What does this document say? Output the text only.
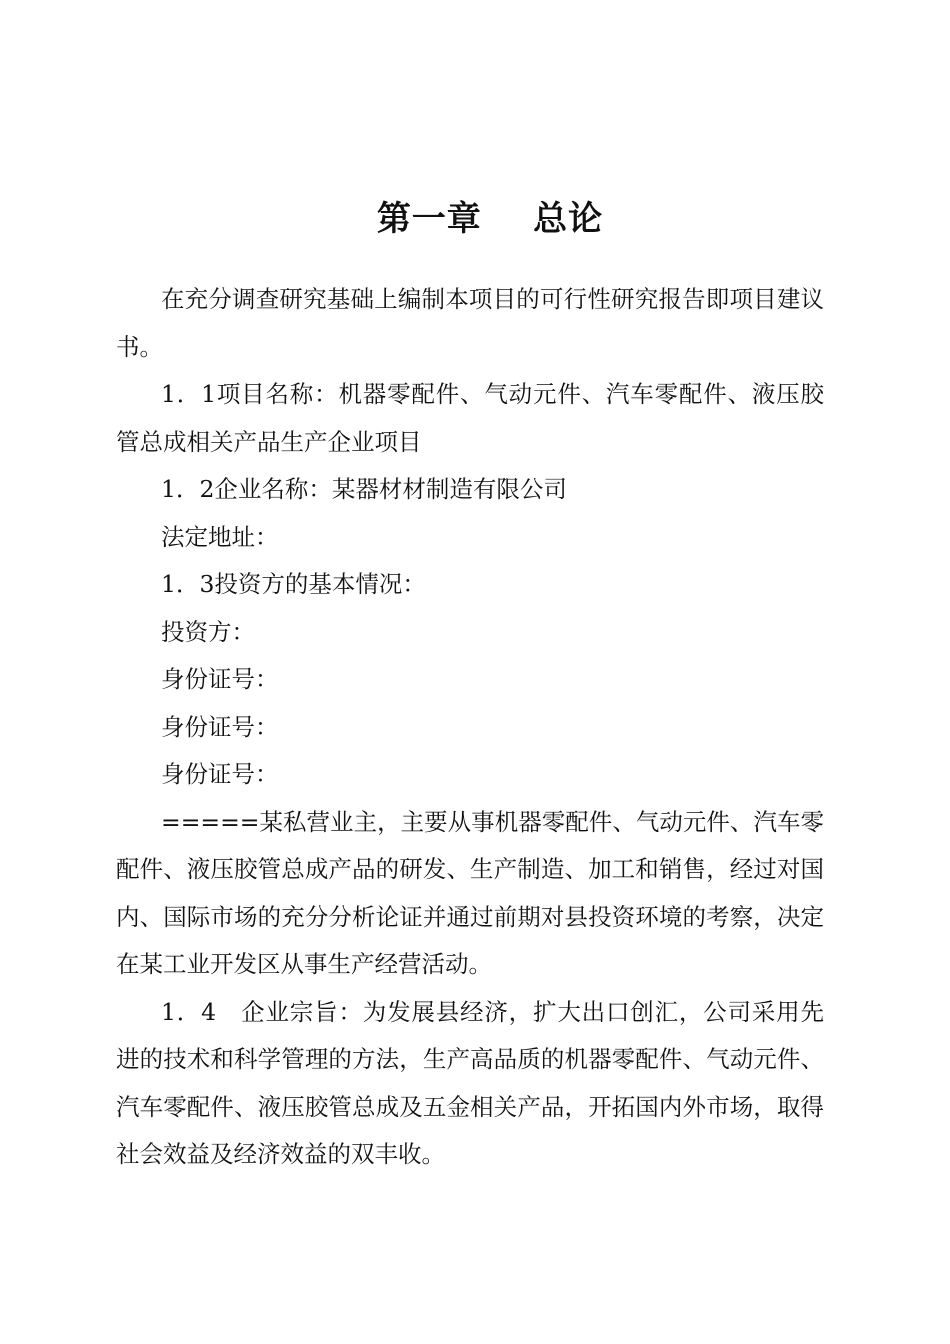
第一章    总论

在充分调查研究基础上编制本项目的可行性研究报告即项目建议书。

1．1项目名称：机器零配件、气动元件、汽车零配件、液压胶管总成相关产品生产企业项目

1．2企业名称：某器材材制造有限公司

法定地址：

1．3投资方的基本情况：

投资方：

身份证号：

身份证号：

身份证号：

=====某私营业主，主要从事机器零配件、气动元件、汽车零配件、液压胶管总成产品的研发、生产制造、加工和销售，经过对国内、国际市场的充分分析论证并通过前期对县投资环境的考察，决定在某工业开发区从事生产经营活动。

1．4　企业宗旨：为发展县经济，扩大出口创汇，公司采用先进的技术和科学管理的方法，生产高品质的机器零配件、气动元件、汽车零配件、液压胶管总成及五金相关产品，开拓国内外市场，取得社会效益及经济效益的双丰收。
